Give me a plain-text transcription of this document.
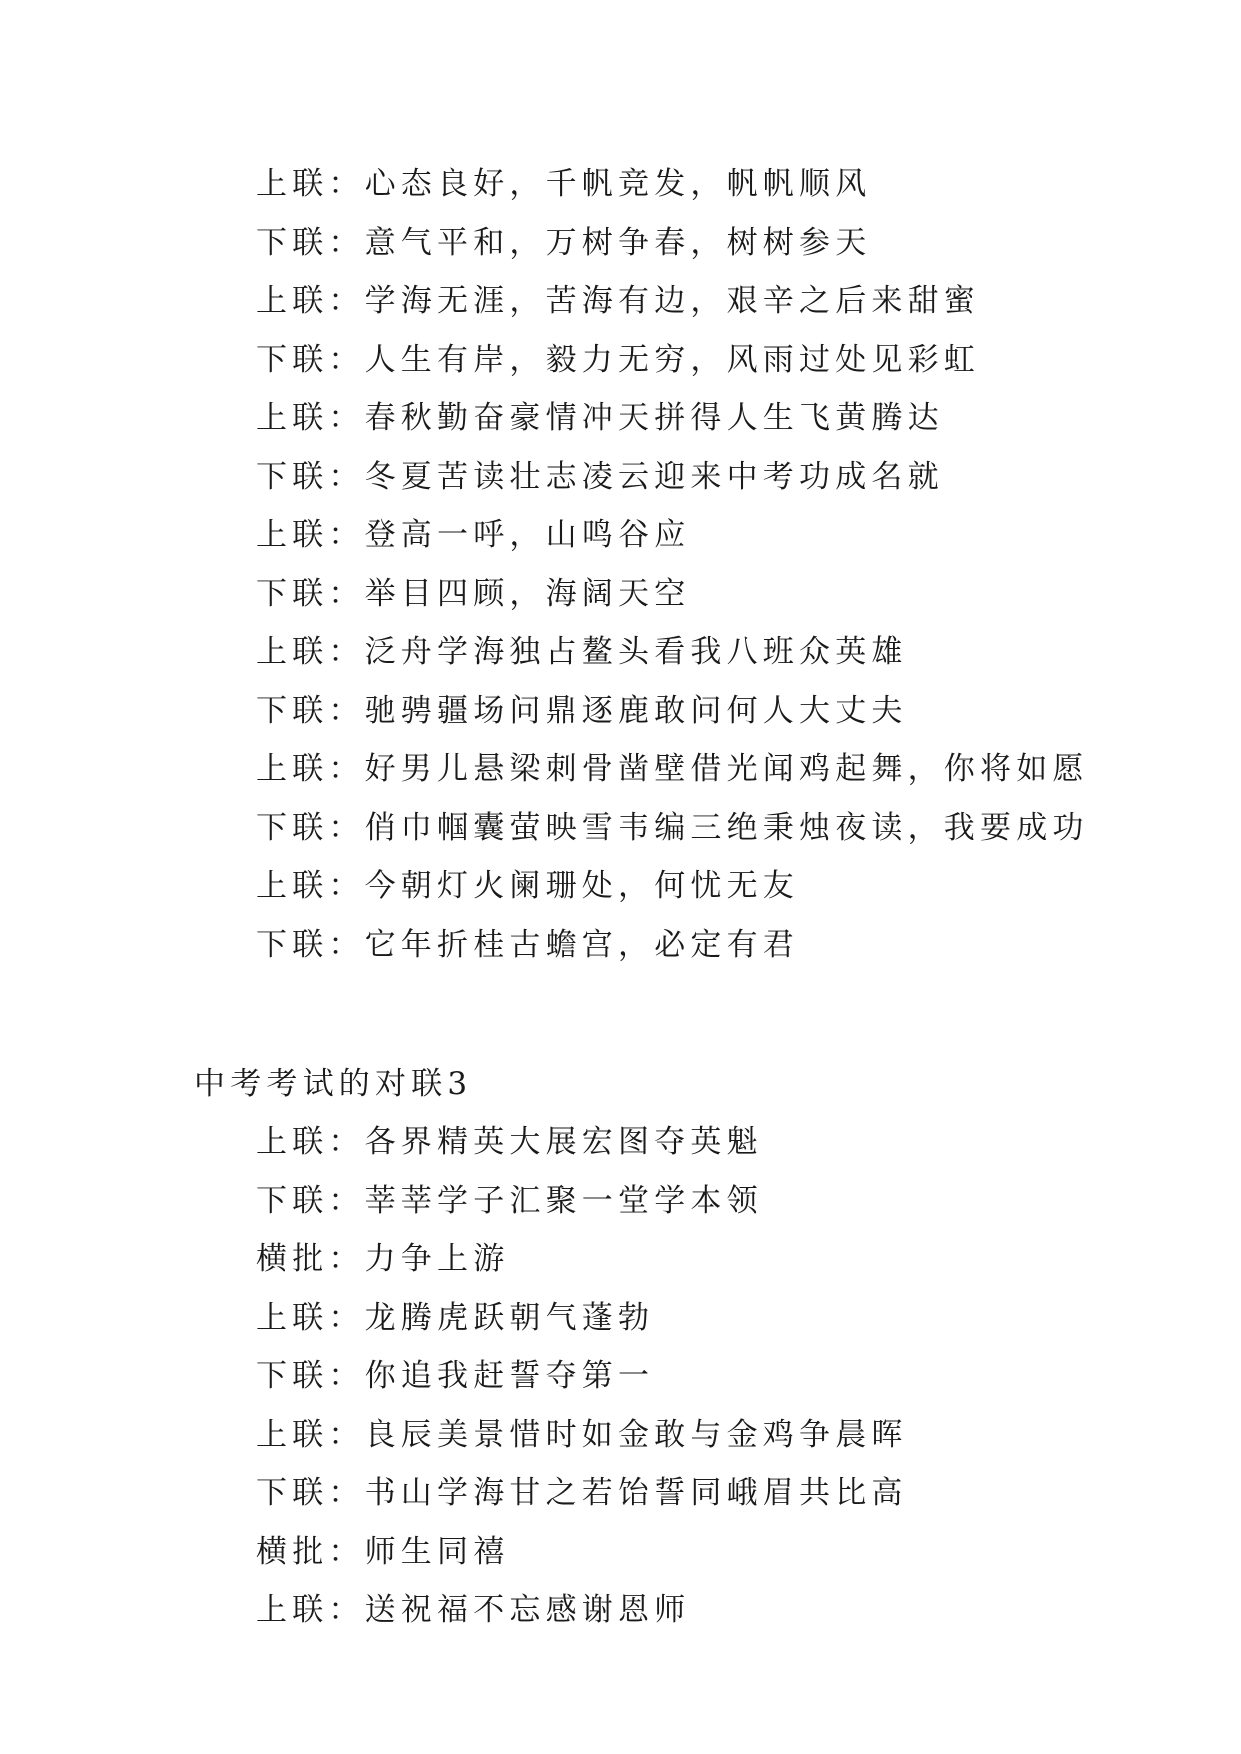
上联：心态良好，千帆竞发，帆帆顺风
下联：意气平和，万树争春，树树参天
上联：学海无涯，苦海有边，艰辛之后来甜蜜
下联：人生有岸，毅力无穷，风雨过处见彩虹
上联：春秋勤奋豪情冲天拼得人生飞黄腾达
下联：冬夏苦读壮志凌云迎来中考功成名就
上联：登高一呼，山鸣谷应
下联：举目四顾，海阔天空
上联：泛舟学海独占鳌头看我八班众英雄
下联：驰骋疆场问鼎逐鹿敢问何人大丈夫
上联：好男儿悬梁刺骨凿壁借光闻鸡起舞，你将如愿
下联：俏巾帼囊萤映雪韦编三绝秉烛夜读，我要成功
上联：今朝灯火阑珊处，何忧无友
下联：它年折桂古蟾宫，必定有君
中考考试的对联3
上联：各界精英大展宏图夺英魁
下联：莘莘学子汇聚一堂学本领
横批：力争上游
上联：龙腾虎跃朝气蓬勃
下联：你追我赶誓夺第一
上联：良辰美景惜时如金敢与金鸡争晨晖
下联：书山学海甘之若饴誓同峨眉共比高
横批：师生同禧
上联：送祝福不忘感谢恩师
